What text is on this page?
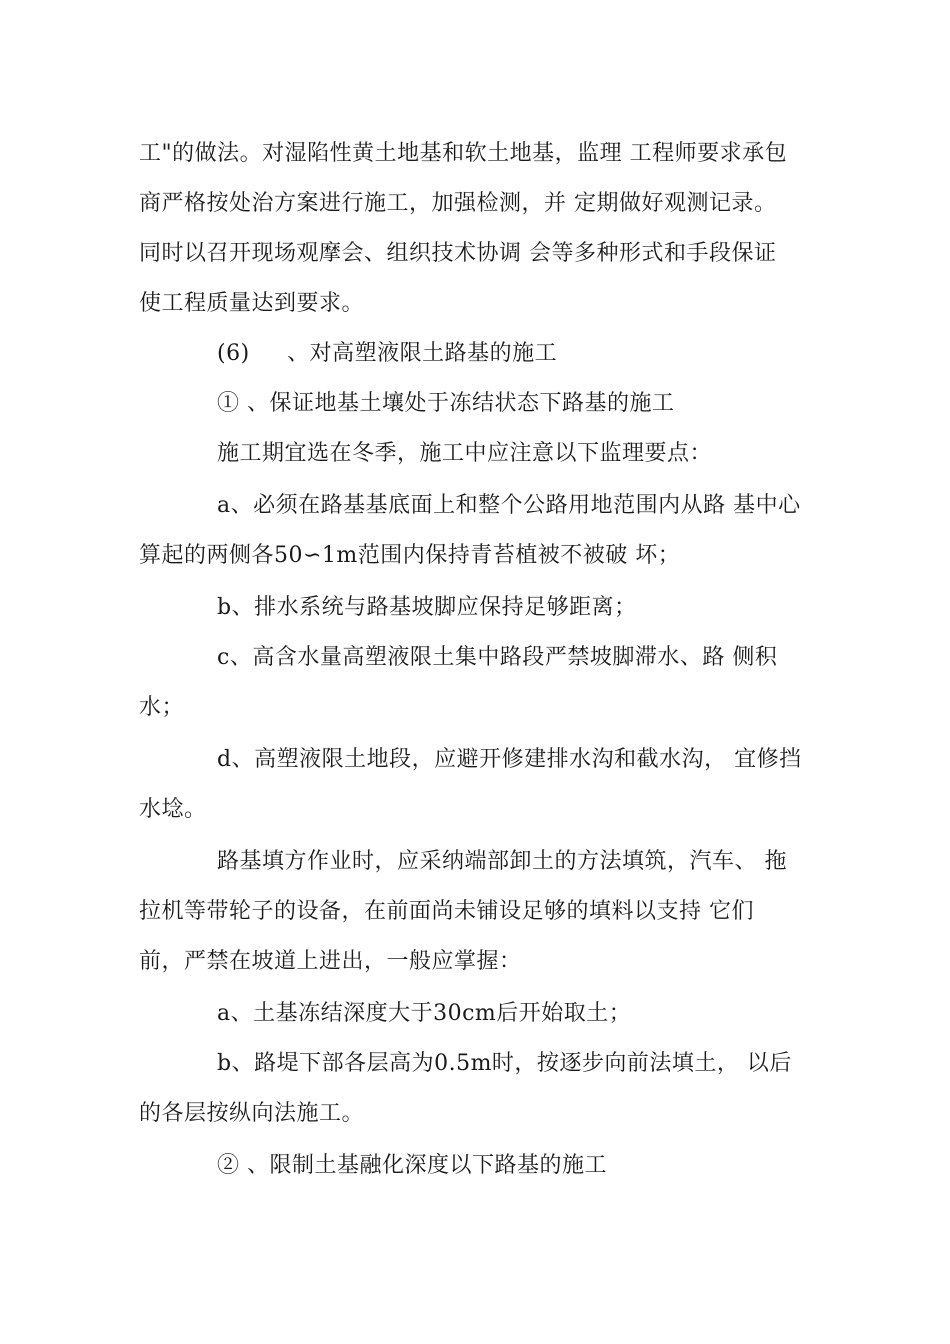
工"的做法。对湿陷性黄土地基和软土地基，监理 工程师要求承包
商严格按处治方案进行施工，加强检测，并 定期做好观测记录。
同时以召开现场观摩会、组织技术协调 会等多种形式和手段保证
使工程质量达到要求。
(6)     、对高塑液限土路基的施工
① 、保证地基土壤处于冻结状态下路基的施工
施工期宜选在冬季，施工中应注意以下监理要点：
a、必须在路基基底面上和整个公路用地范围内从路 基中心
算起的两侧各50∽1m范围内保持青苔植被不被破 坏；
b、排水系统与路基坡脚应保持足够距离；
c、高含水量高塑液限土集中路段严禁坡脚滞水、路 侧积
水；
d、高塑液限土地段，应避开修建排水沟和截水沟， 宜修挡
水埝。
路基填方作业时，应采纳端部卸土的方法填筑，汽车、 拖
拉机等带轮子的设备，在前面尚未铺设足够的填料以支持 它们
前，严禁在坡道上进出，一般应掌握：
a、土基冻结深度大于30cm后开始取土；
b、路堤下部各层高为0.5m时，按逐步向前法填土， 以后
的各层按纵向法施工。
② 、限制土基融化深度以下路基的施工
